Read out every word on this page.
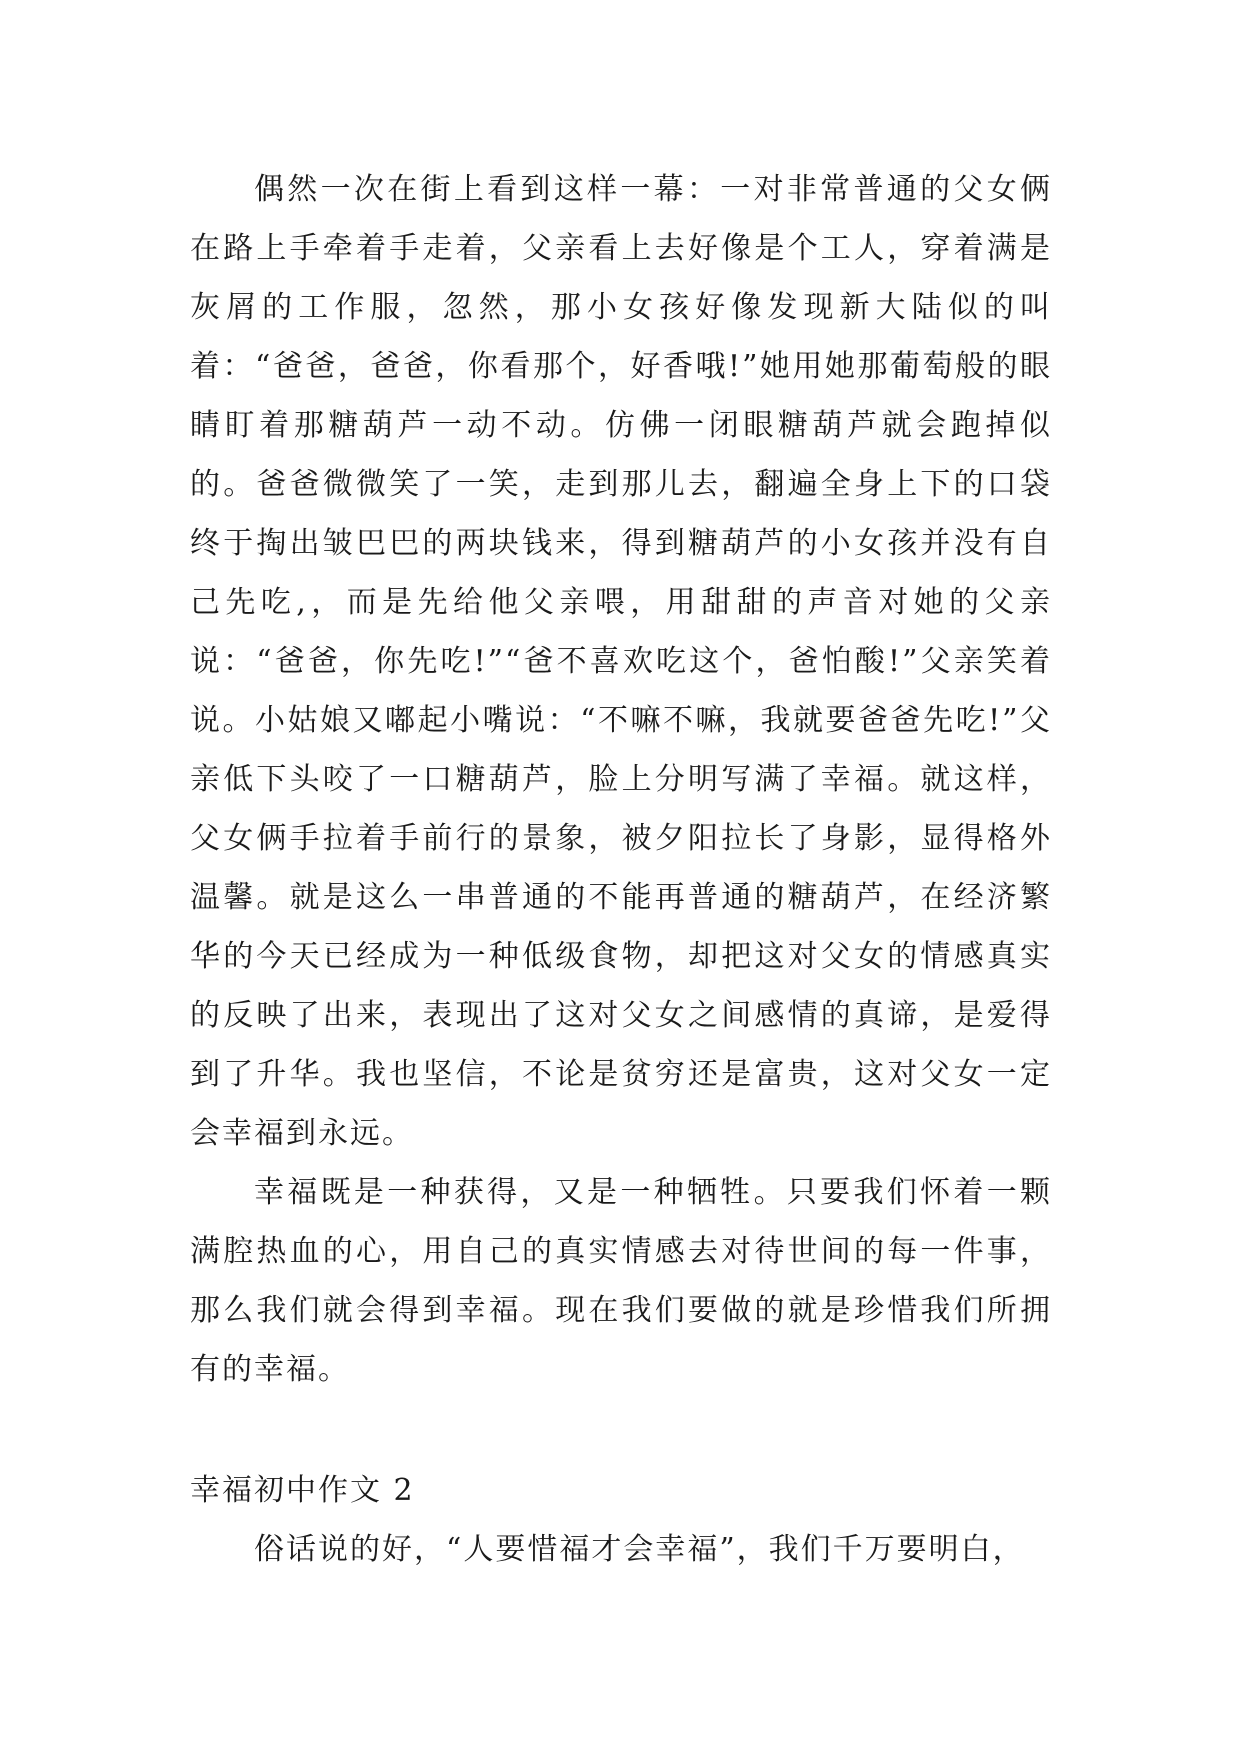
偶然一次在街上看到这样一幕：一对非常普通的父女俩在路上手牵着手走着，父亲看上去好像是个工人，穿着满是灰屑的工作服，忽然，那小女孩好像发现新大陆似的叫着：“爸爸，爸爸，你看那个，好香哦!”她用她那葡萄般的眼睛盯着那糖葫芦一动不动。仿佛一闭眼糖葫芦就会跑掉似的。爸爸微微笑了一笑，走到那儿去，翻遍全身上下的口袋终于掏出皱巴巴的两块钱来，得到糖葫芦的小女孩并没有自己先吃,，而是先给他父亲喂，用甜甜的声音对她的父亲说：“爸爸，你先吃!”“爸不喜欢吃这个，爸怕酸!”父亲笑着说。小姑娘又嘟起小嘴说：“不嘛不嘛，我就要爸爸先吃!”父亲低下头咬了一口糖葫芦，脸上分明写满了幸福。就这样，父女俩手拉着手前行的景象，被夕阳拉长了身影，显得格外温馨。就是这么一串普通的不能再普通的糖葫芦，在经济繁华的今天已经成为一种低级食物，却把这对父女的情感真实的反映了出来，表现出了这对父女之间感情的真谛，是爱得到了升华。我也坚信，不论是贫穷还是富贵，这对父女一定会幸福到永远。

幸福既是一种获得，又是一种牺牲。只要我们怀着一颗满腔热血的心，用自己的真实情感去对待世间的每一件事，那么我们就会得到幸福。现在我们要做的就是珍惜我们所拥有的幸福。

幸福初中作文 2

俗话说的好，“人要惜福才会幸福”，我们千万要明白，
